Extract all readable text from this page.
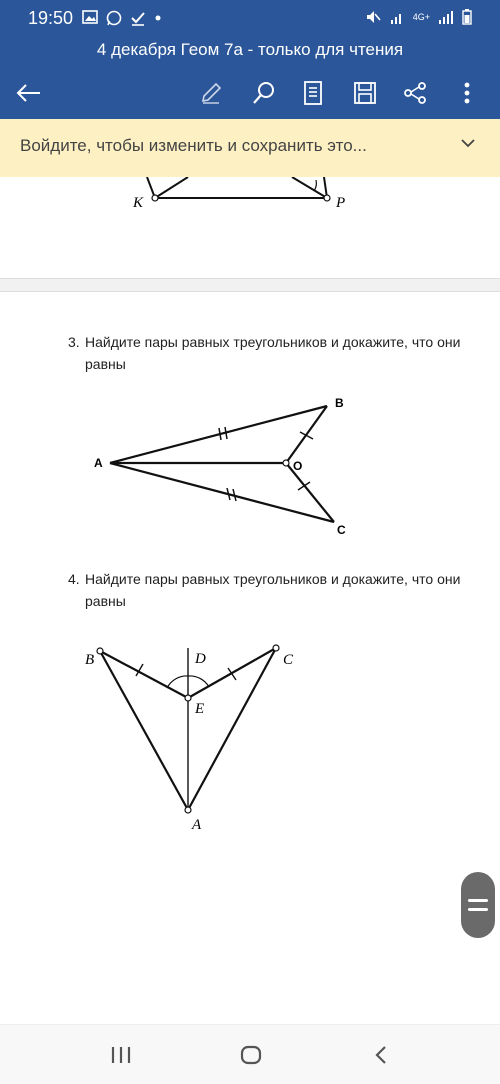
19:50	4G+
4 декабря Геом 7а - только для чтения
Войдите, чтобы изменить и сохранить это...
K	P
3. Найдите пары равных треугольников и докажите, что они равны
A
B
O
C
4. Найдите пары равных треугольников и докажите, что они равны
B	D	C
E
A
